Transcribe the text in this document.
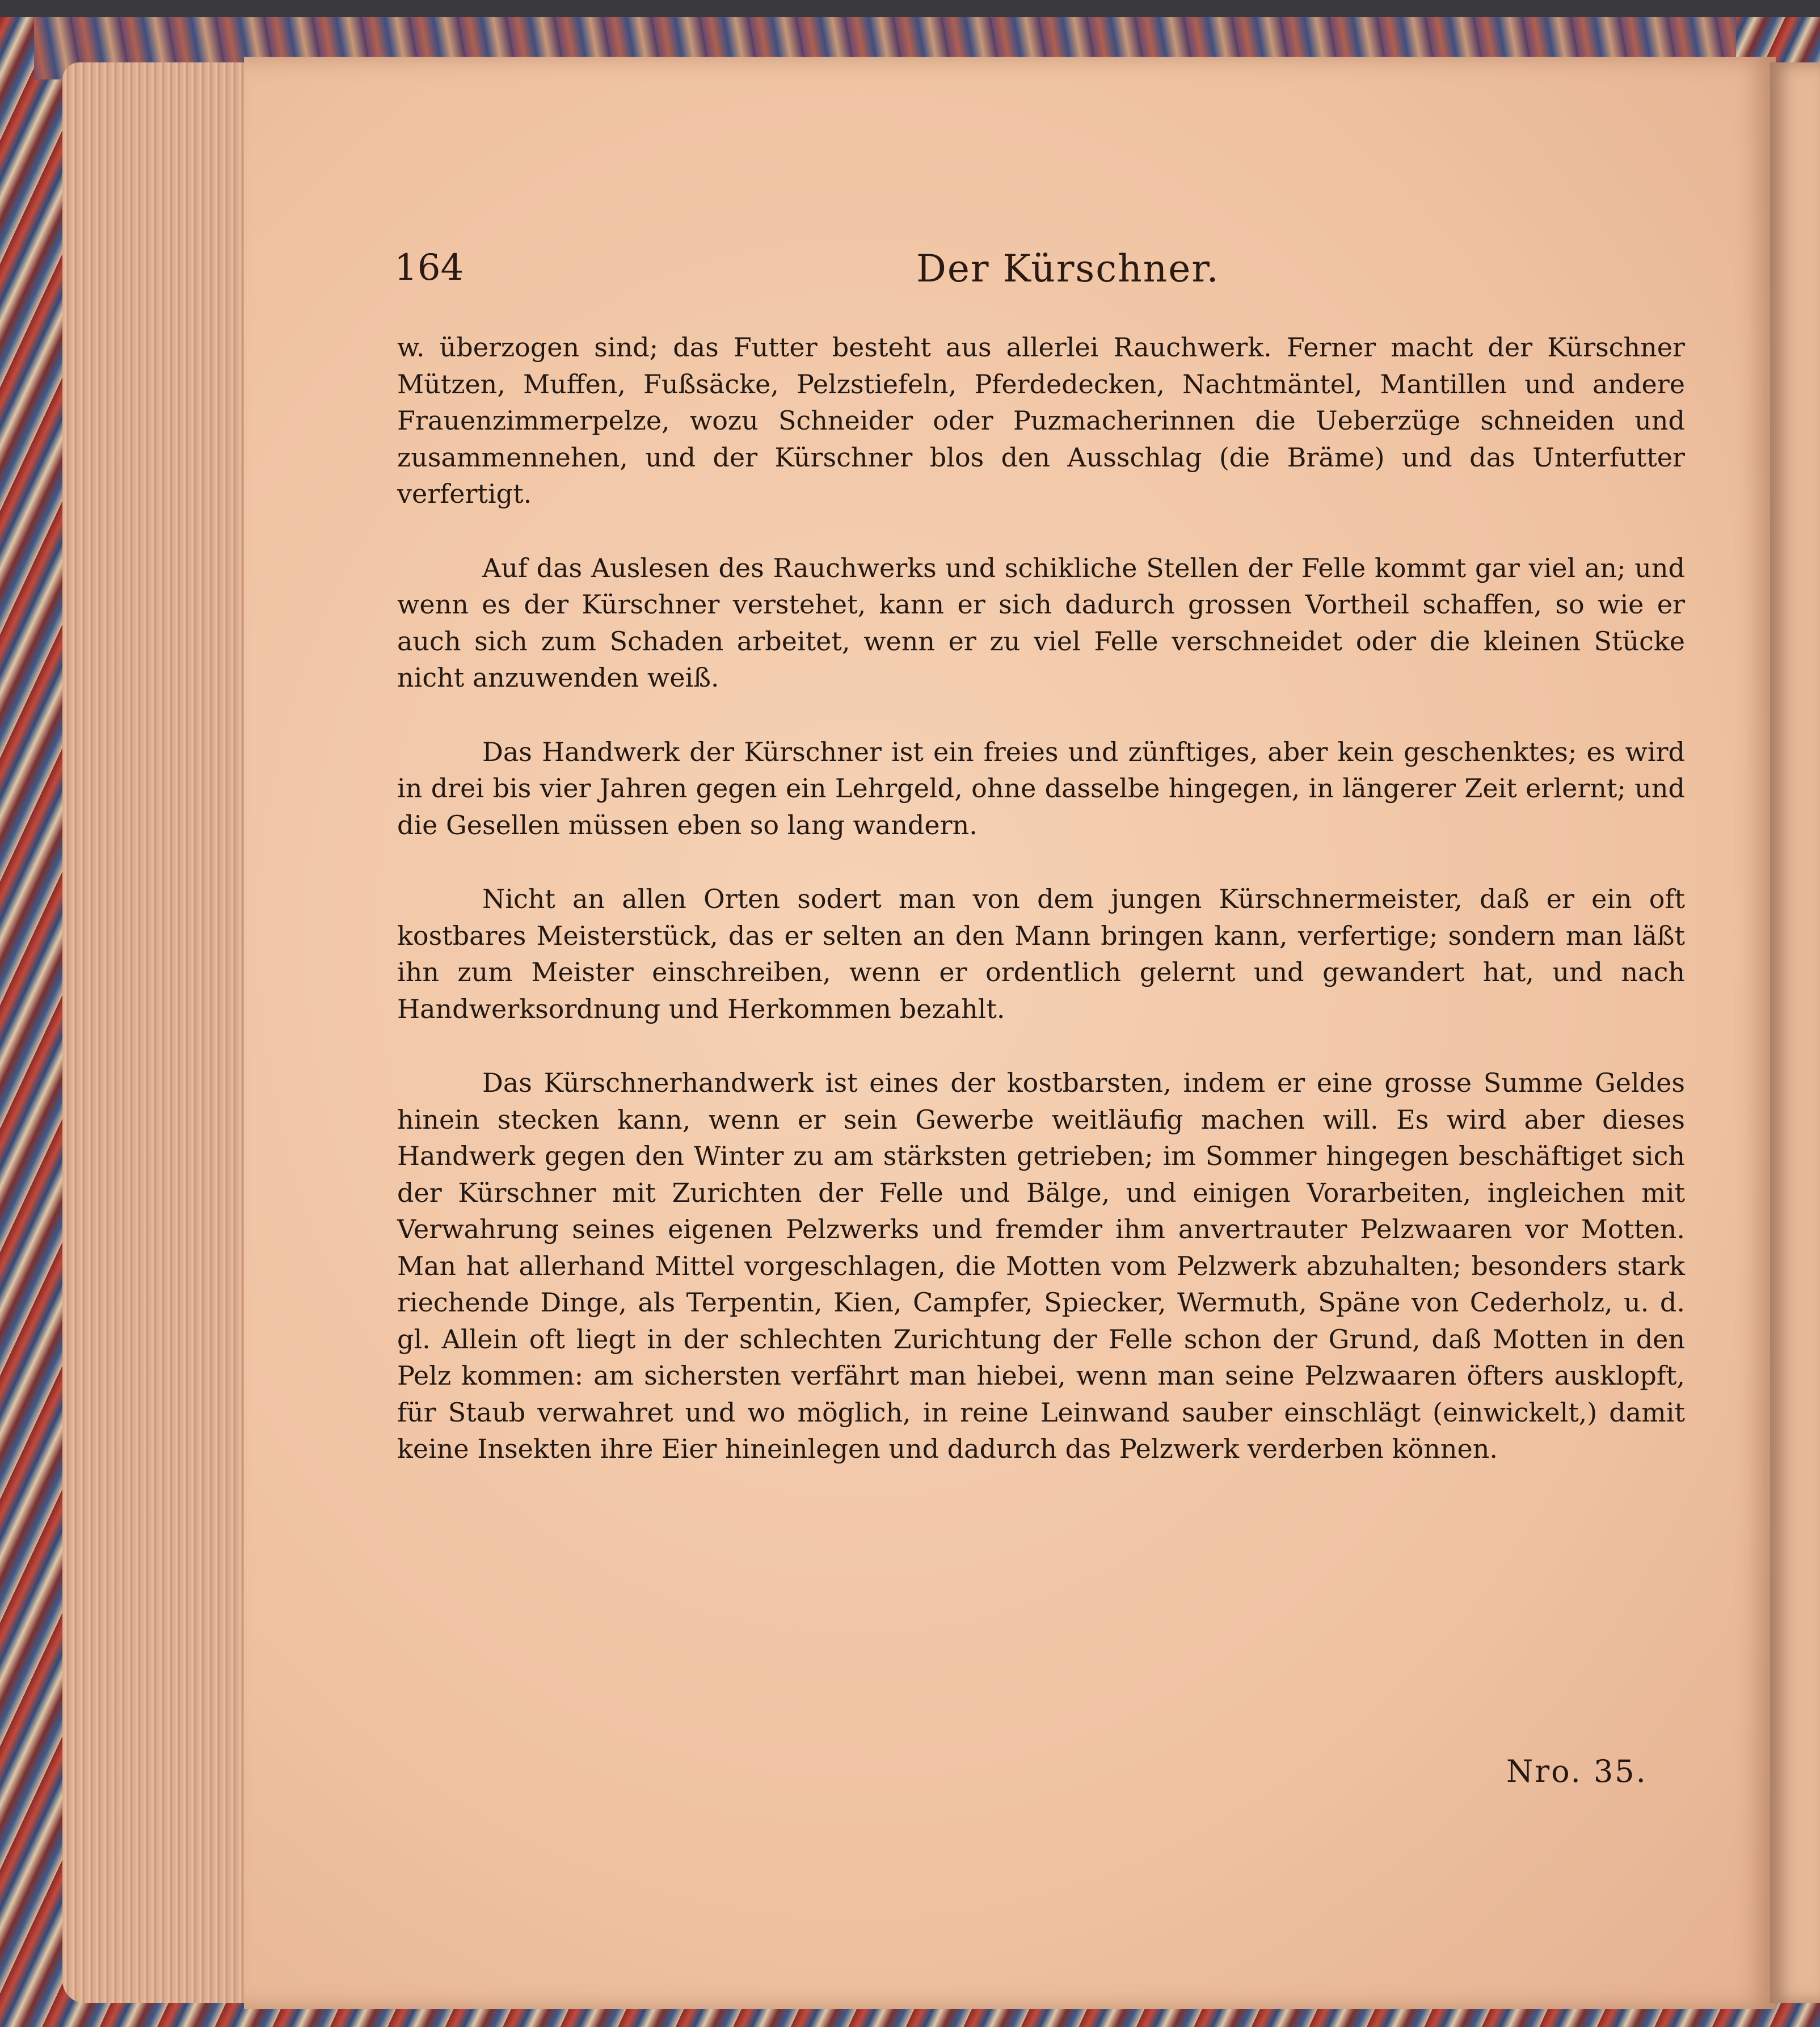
164	Der Kürschner.

w. überzogen sind; das Futter besteht aus allerlei Rauchwerk. Ferner macht der Kürschner Mützen, Muffen, Fußsäcke, Pelzstiefeln, Pferdedecken, Nachtmäntel, Mantillen und andere Frauenzimmerpelze, wozu Schneider oder Puzmacherinnen die Ueberzüge schneiden und zusammennehen, und der Kürschner blos den Ausschlag (die Bräme) und das Unterfutter verfertigt.

Auf das Auslesen des Rauchwerks und schikliche Stellen der Felle kommt gar viel an; und wenn es der Kürschner verstehet, kann er sich dadurch grossen Vortheil schaffen, so wie er auch sich zum Schaden arbeitet, wenn er zu viel Felle verschneidet oder die kleinen Stücke nicht anzuwenden weiß.

Das Handwerk der Kürschner ist ein freies und zünftiges, aber kein geschenktes; es wird in drei bis vier Jahren gegen ein Lehrgeld, ohne dasselbe hingegen, in längerer Zeit erlernt; und die Gesellen müssen eben so lang wandern.

Nicht an allen Orten sodert man von dem jungen Kürschnermeister, daß er ein oft kostbares Meisterstück, das er selten an den Mann bringen kann, verfertige; sondern man läßt ihn zum Meister einschreiben, wenn er ordentlich gelernt und gewandert hat, und nach Handwerksordnung und Herkommen bezahlt.

Das Kürschnerhandwerk ist eines der kostbarsten, indem er eine grosse Summe Geldes hinein stecken kann, wenn er sein Gewerbe weitläufig machen will. Es wird aber dieses Handwerk gegen den Winter zu am stärksten getrieben; im Sommer hingegen beschäftiget sich der Kürschner mit Zurichten der Felle und Bälge, und einigen Vorarbeiten, ingleichen mit Verwahrung seines eigenen Pelzwerks und fremder ihm anvertrauter Pelzwaaren vor Motten. Man hat allerhand Mittel vorgeschlagen, die Motten vom Pelzwerk abzuhalten; besonders stark riechende Dinge, als Terpentin, Kien, Campfer, Spiecker, Wermuth, Späne von Cederholz, u. d. gl. Allein oft liegt in der schlechten Zurichtung der Felle schon der Grund, daß Motten in den Pelz kommen: am sichersten verfährt man hiebei, wenn man seine Pelzwaaren öfters ausklopft, für Staub verwahret und wo möglich, in reine Leinwand sauber einschlägt (einwickelt,) damit keine Insekten ihre Eier hineinlegen und dadurch das Pelzwerk verderben können.

Nro. 35.
